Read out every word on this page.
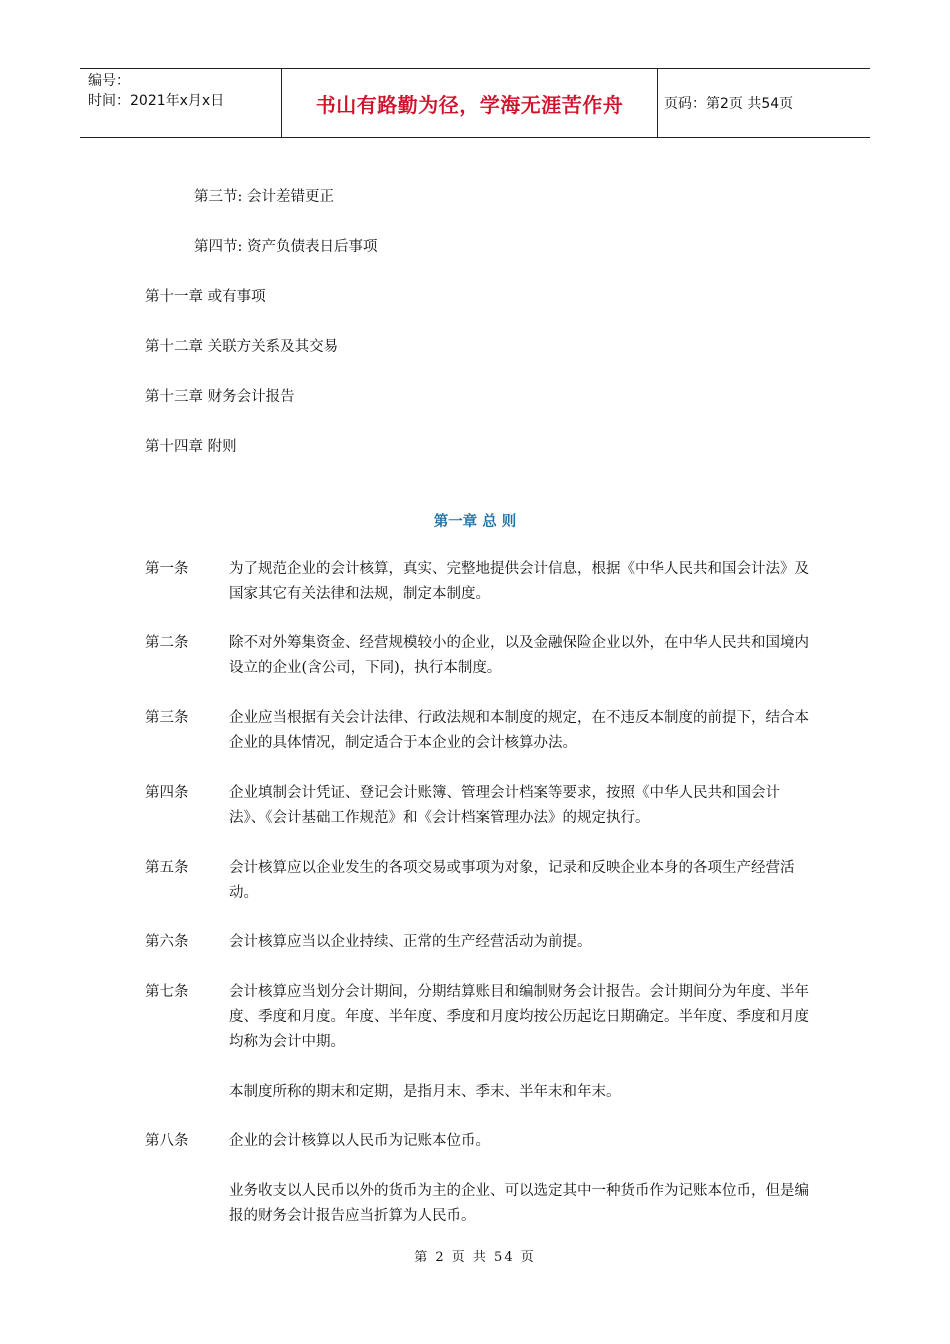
编号：
时间：2021年x月x日	书山有路勤为径，学海无涯苦作舟	页码：第2页 共54页
第三节: 会计差错更正
第四节: 资产负债表日后事项
第十一章 或有事项
第十二章 关联方关系及其交易
第十三章 财务会计报告
第十四章 附则
第一章 总 则
第一条	为了规范企业的会计核算，真实、完整地提供会计信息，根据《中华人民共和国会计法》及国家其它有关法律和法规，制定本制度。
第二条	除不对外筹集资金、经营规模较小的企业，以及金融保险企业以外，在中华人民共和国境内设立的企业(含公司，下同)，执行本制度。
第三条	企业应当根据有关会计法律、行政法规和本制度的规定，在不违反本制度的前提下，结合本企业的具体情况，制定适合于本企业的会计核算办法。
第四条	企业填制会计凭证、登记会计账簿、管理会计档案等要求，按照《中华人民共和国会计法》、《会计基础工作规范》和《会计档案管理办法》的规定执行。
第五条	会计核算应以企业发生的各项交易或事项为对象，记录和反映企业本身的各项生产经营活动。
第六条	会计核算应当以企业持续、正常的生产经营活动为前提。
第七条	会计核算应当划分会计期间，分期结算账目和编制财务会计报告。会计期间分为年度、半年度、季度和月度。年度、半年度、季度和月度均按公历起讫日期确定。半年度、季度和月度均称为会计中期。
本制度所称的期末和定期，是指月末、季末、半年末和年末。
第八条	企业的会计核算以人民币为记账本位币。
业务收支以人民币以外的货币为主的企业、可以选定其中一种货币作为记账本位币，但是编报的财务会计报告应当折算为人民币。
第 2 页 共 54 页
